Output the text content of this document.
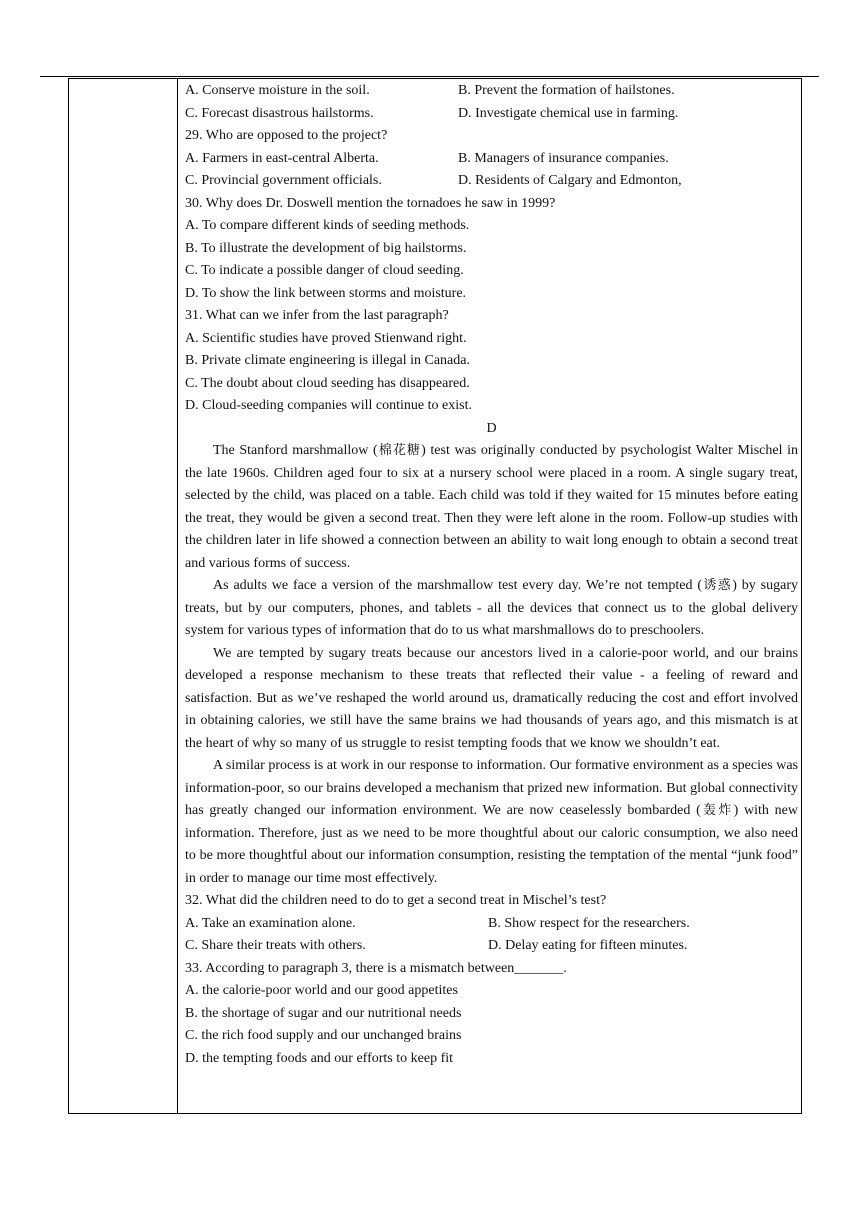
A. Conserve moisture in the soil.	B. Prevent the formation of hailstones.
C. Forecast disastrous hailstorms.	D. Investigate chemical use in farming.
29. Who are opposed to the project?
A. Farmers in east-central Alberta.	B. Managers of insurance companies.
C. Provincial government officials.	D. Residents of Calgary and Edmonton,
30. Why does Dr. Doswell mention the tornadoes he saw in 1999?
A. To compare different kinds of seeding methods.
B. To illustrate the development of big hailstorms.
C. To indicate a possible danger of cloud seeding.
D. To show the link between storms and moisture.
31. What can we infer from the last paragraph?
A. Scientific studies have proved Stienwand right.
B. Private climate engineering is illegal in Canada.
C. The doubt about cloud seeding has disappeared.
D. Cloud-seeding companies will continue to exist.
D

The Stanford marshmallow (棉花糖) test was originally conducted by psychologist Walter Mischel in the late 1960s. Children aged four to six at a nursery school were placed in a room. A single sugary treat, selected by the child, was placed on a table. Each child was told if they waited for 15 minutes before eating the treat, they would be given a second treat. Then they were left alone in the room. Follow-up studies with the children later in life showed a connection between an ability to wait long enough to obtain a second treat and various forms of success.

As adults we face a version of the marshmallow test every day. We’re not tempted (诱惑) by sugary treats, but by our computers, phones, and tablets - all the devices that connect us to the global delivery system for various types of information that do to us what marshmallows do to preschoolers.

We are tempted by sugary treats because our ancestors lived in a calorie-poor world, and our brains developed a response mechanism to these treats that reflected their value - a feeling of reward and satisfaction. But as we’ve reshaped the world around us, dramatically reducing the cost and effort involved in obtaining calories, we still have the same brains we had thousands of years ago, and this mismatch is at the heart of why so many of us struggle to resist tempting foods that we know we shouldn’t eat.

A similar process is at work in our response to information. Our formative environment as a species was information-poor, so our brains developed a mechanism that prized new information. But global connectivity has greatly changed our information environment. We are now ceaselessly bombarded (轰炸) with new information. Therefore, just as we need to be more thoughtful about our caloric consumption, we also need to be more thoughtful about our information consumption, resisting the temptation of the mental “junk food” in order to manage our time most effectively.

32. What did the children need to do to get a second treat in Mischel’s test?
A. Take an examination alone.	B. Show respect for the researchers.
C. Share their treats with others.	D. Delay eating for fifteen minutes.
33. According to paragraph 3, there is a mismatch between_______.
A. the calorie-poor world and our good appetites
B. the shortage of sugar and our nutritional needs
C. the rich food supply and our unchanged brains
D. the tempting foods and our efforts to keep fit
